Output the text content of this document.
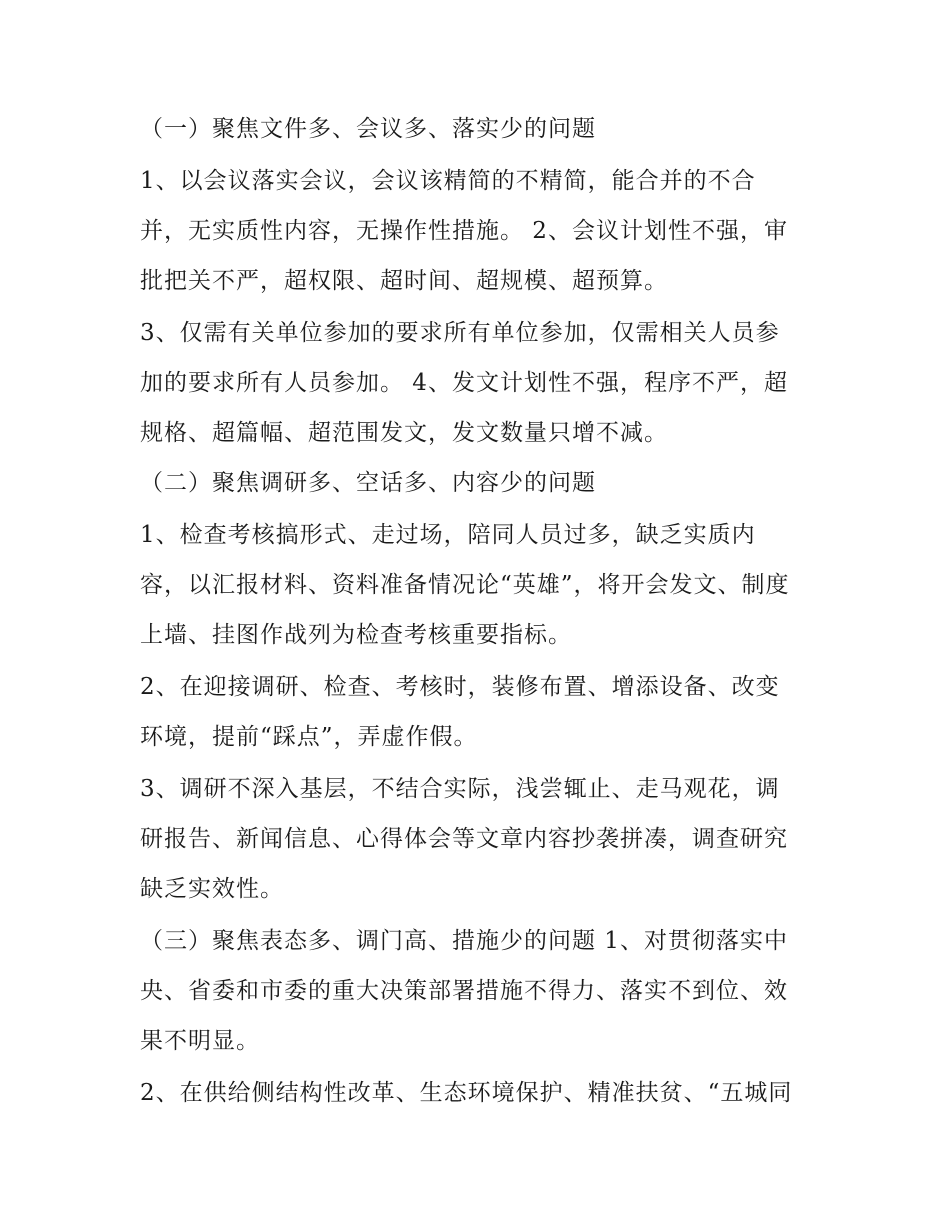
（一）聚焦文件多、会议多、落实少的问题
1、以会议落实会议，会议该精简的不精简，能合并的不合
并，无实质性内容，无操作性措施。 2、会议计划性不强，审
批把关不严，超权限、超时间、超规模、超预算。
3、仅需有关单位参加的要求所有单位参加，仅需相关人员参
加的要求所有人员参加。 4、发文计划性不强，程序不严，超
规格、超篇幅、超范围发文，发文数量只增不减。
（二）聚焦调研多、空话多、内容少的问题
1、检查考核搞形式、走过场，陪同人员过多，缺乏实质内
容，以汇报材料、资料准备情况论“英雄”，将开会发文、制度
上墙、挂图作战列为检查考核重要指标。
2、在迎接调研、检查、考核时，装修布置、增添设备、改变
环境，提前“踩点”，弄虚作假。
3、调研不深入基层，不结合实际，浅尝辄止、走马观花，调
研报告、新闻信息、心得体会等文章内容抄袭拼凑，调查研究
缺乏实效性。
（三）聚焦表态多、调门高、措施少的问题 1、对贯彻落实中
央、省委和市委的重大决策部署措施不得力、落实不到位、效
果不明显。
2、在供给侧结构性改革、生态环境保护、精准扶贫、“五城同
